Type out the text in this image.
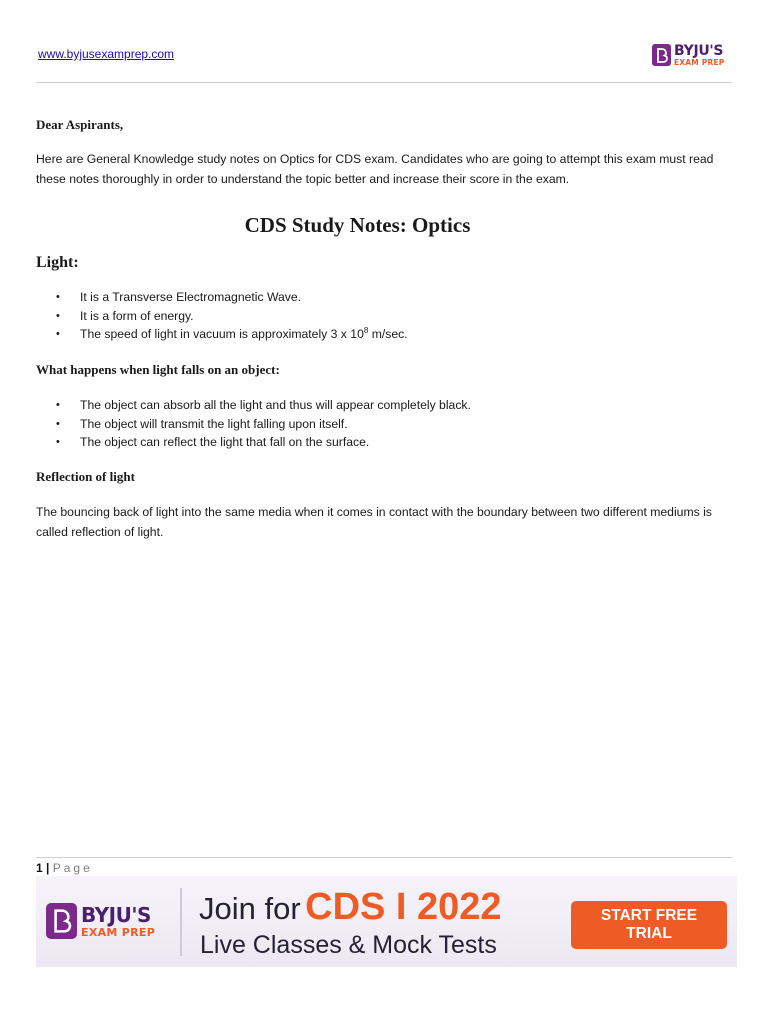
www.byjusexamprep.com	BYJU'S
EXAM PREP
Dear Aspirants,

Here are General Knowledge study notes on Optics for CDS exam. Candidates who are going to attempt this exam must read these notes thoroughly in order to understand the topic better and increase their score in the exam.

CDS Study Notes: Optics
Light:
• It is a Transverse Electromagnetic Wave.
• It is a form of energy.
• The speed of light in vacuum is approximately 3 x $10^8$ m/sec.
What happens when light falls on an object:
• The object can absorb all the light and thus will appear completely black.
• The object will transmit the light falling upon itself.
• The object can reflect the light that fall on the surface.
Reflection of light

The bouncing back of light into the same media when it comes in contact with the boundary between two different mediums is called reflection of light.

1 | Page
BYJU'S
EXAM PREP
Join for CDS I 2022
Live Classes & Mock Tests
START FREE TRIAL
